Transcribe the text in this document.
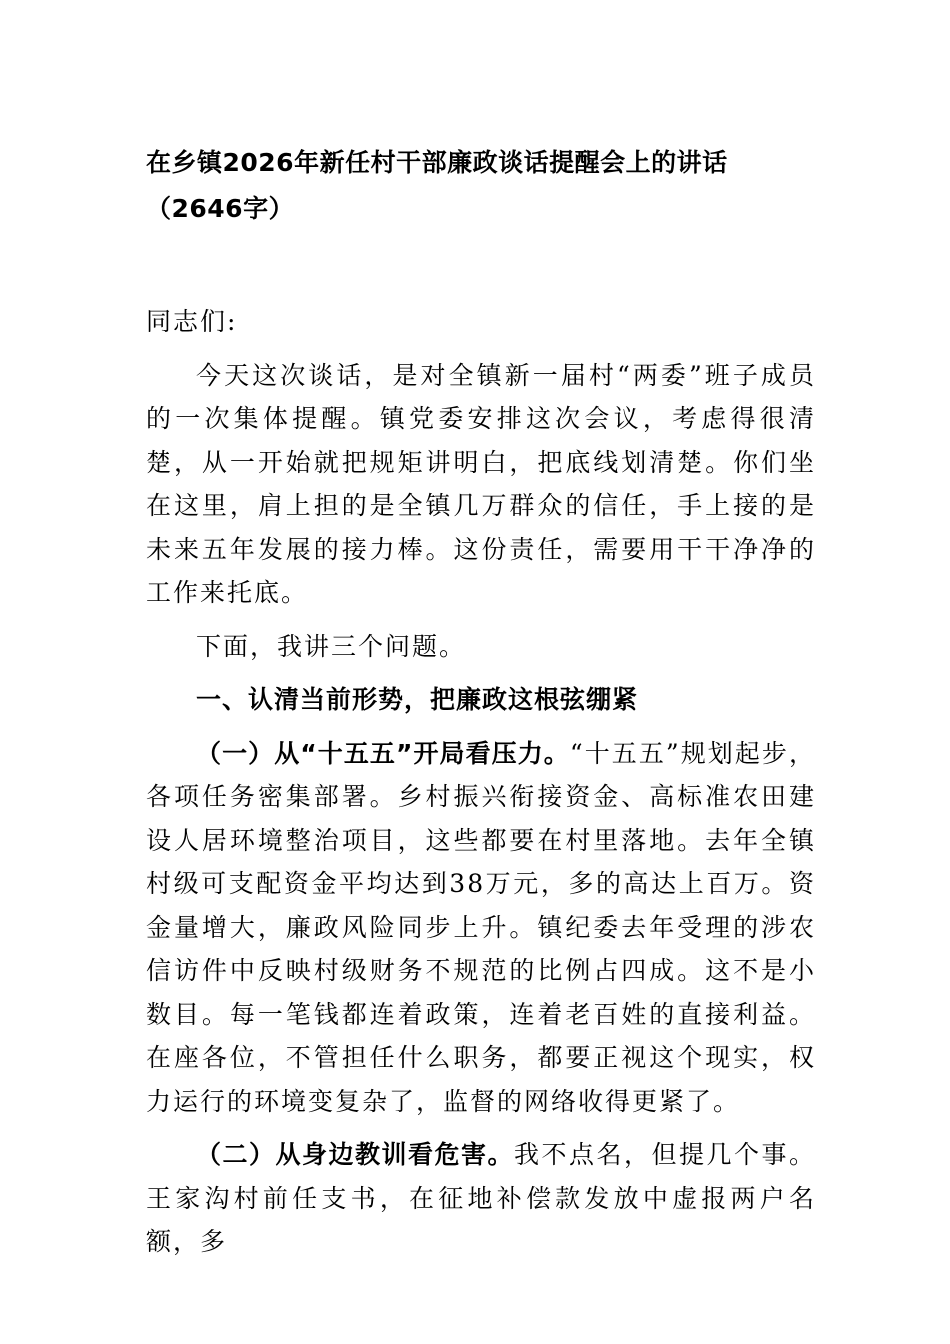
在乡镇2026年新任村干部廉政谈话提醒会上的讲话（2646字）

同志们:

今天这次谈话，是对全镇新一届村“两委”班子成员的一次集体提醒。镇党委安排这次会议，考虑得很清楚，从一开始就把规矩讲明白，把底线划清楚。你们坐在这里，肩上担的是全镇几万群众的信任，手上接的是未来五年发展的接力棒。这份责任，需要用干干净净的工作来托底。

下面，我讲三个问题。

一、认清当前形势，把廉政这根弦绷紧

（一）从“十五五”开局看压力。“十五五”规划起步，各项任务密集部署。乡村振兴衔接资金、高标准农田建设人居环境整治项目，这些都要在村里落地。去年全镇村级可支配资金平均达到38万元，多的高达上百万。资金量增大，廉政风险同步上升。镇纪委去年受理的涉农信访件中反映村级财务不规范的比例占四成。这不是小数目。每一笔钱都连着政策，连着老百姓的直接利益。在座各位，不管担任什么职务，都要正视这个现实，权力运行的环境变复杂了，监督的网络收得更紧了。

（二）从身边教训看危害。我不点名，但提几个事。王家沟村前任支书，在征地补偿款发放中虚报两户名额，多
